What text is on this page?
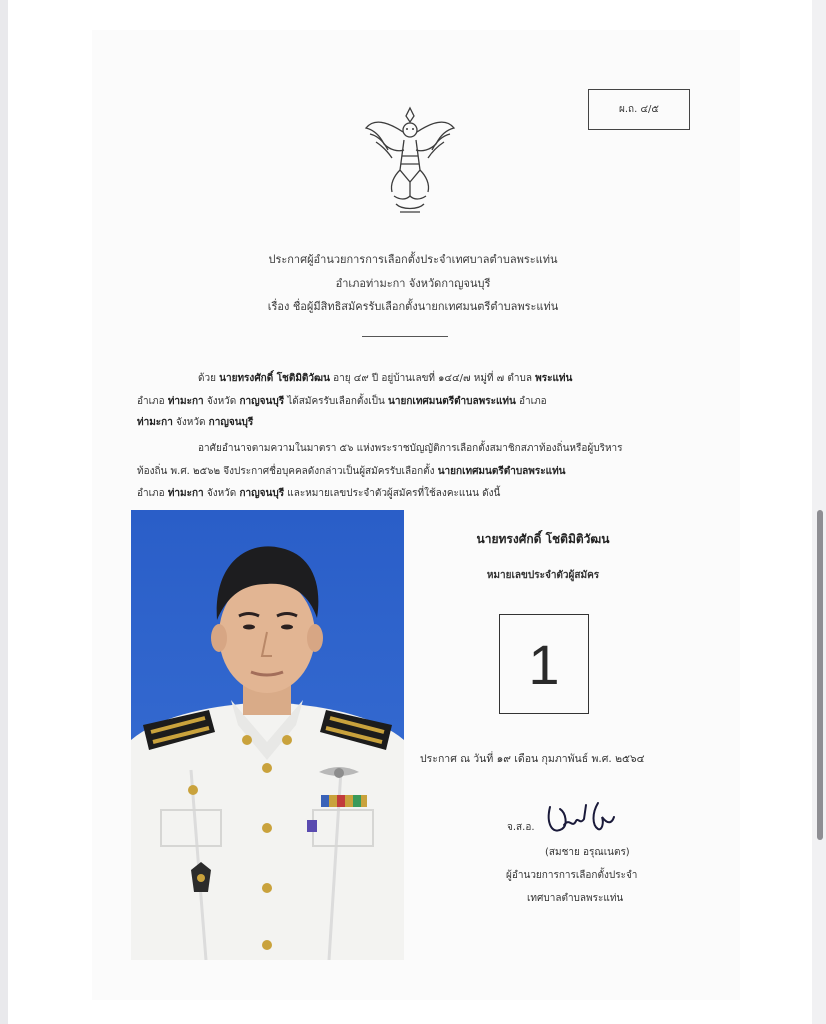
ผ.ถ. ๔/๕
ประกาศผู้อำนวยการการเลือกตั้งประจำเทศบาลตำบลพระแท่น
อำเภอท่ามะกา จังหวัดกาญจนบุรี
เรื่อง ชื่อผู้มีสิทธิสมัครรับเลือกตั้งนายกเทศมนตรีตำบลพระแท่น
ด้วย นายทรงศักดิ์ โชติมิติวัฒน อายุ ๔๙ ปี อยู่บ้านเลขที่ ๑๔๔/๗ หมู่ที่ ๗ ตำบล พระแท่น
อำเภอ ท่ามะกา จังหวัด กาญจนบุรี ได้สมัครรับเลือกตั้งเป็น นายกเทศมนตรีตำบลพระแท่น อำเภอ
ท่ามะกา จังหวัด กาญจนบุรี
อาศัยอำนาจตามความในมาตรา ๕๖ แห่งพระราชบัญญัติการเลือกตั้งสมาชิกสภาท้องถิ่นหรือผู้บริหาร
ท้องถิ่น พ.ศ. ๒๕๖๒ จึงประกาศชื่อบุคคลดังกล่าวเป็นผู้สมัครรับเลือกตั้ง นายกเทศมนตรีตำบลพระแท่น
อำเภอ ท่ามะกา จังหวัด กาญจนบุรี และหมายเลขประจำตัวผู้สมัครที่ใช้ลงคะแนน ดังนี้
นายทรงศักดิ์ โชติมิติวัฒน
หมายเลขประจำตัวผู้สมัคร
1
ประกาศ ณ วันที่ ๑๙ เดือน กุมภาพันธ์ พ.ศ. ๒๕๖๔
จ.ส.อ.
(สมชาย อรุณเนตร)
ผู้อำนวยการการเลือกตั้งประจำ
เทศบาลตำบลพระแท่น
